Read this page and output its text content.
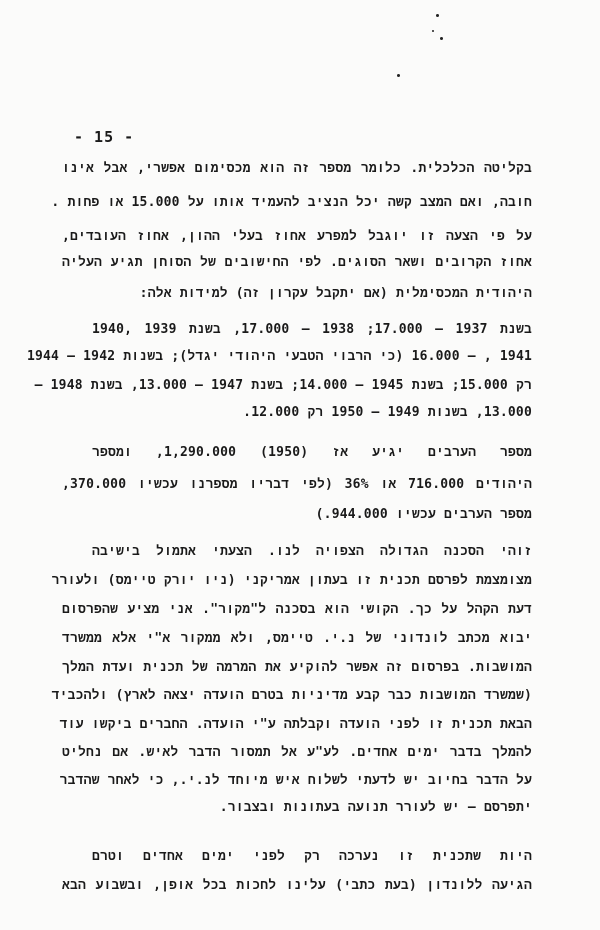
- 15 -
בקליטה הכלכלית. כלומר מספר זה הוא מכסימום אפשרי, אבל אינו
חובה, ואם המצב קשה יכל הנציב להעמיד אותו על 15.000 או פחות .
על פי הצעה זו יוגבל למפרע אחוז בעלי ההון, אחוז העובדים,
אחוז הקרובים ושאר הסוגים. לפי החישובים של הסוחן תגיע העליה
היהודית המכסימלית (אם יתקבל עקרון זה) למידות אלה:
בשנת 1937 – 17.000; 1938 – 17.000, בשנת 1939 ,1940
1941 , – 16.000 (כי הרבוי הטבעי היהודי יגדל); בשנות 1942 – 1944
רק 15.000; בשנת 1945 – 14.000; בשנת 1947 – 13.000, בשנת 1948 –
13.000, בשנות 1949 – 1950 רק 12.000.
מספר הערבים יגיע אז (1950) 1,290.000, ומספר
היהודים 716.000 או 36% (לפי דבריו מספרנו עכשיו 370.000,
מספר הערבים עכשיו 944.000.)
זוהי הסכנה הגדולה הצפויה לנו. הצעתי אתמול בישיבה
מצומצמת לפרסם תכנית זו בעתון אמריקני (ניו יורק טיימס) ולעורר
דעת הקהל על כך. הקושי הוא בסכנה ל"מקור". אני מציע שהפרסום
יבוא מכתב לונדוני של נ.י. טיימס, ולא ממקור א"י אלא ממשרד
המושבות. בפרסום זה אפשר להוקיע את המרמה של תכנית ועדת המלך
(שמשרד המושבות כבר קבע מדיניות בטרם הועדה יצאה לארץ) ולהכביד
הבאת תכנית זו לפני הועדה וקבלתה ע"י הועדה. החברים ביקשו עוד
להמלך בדבר ימים אחדים. לע"ע אל תמסור הדבר לאיש. אם נחליט
על הדבר בחיוב יש לדעתי לשלוח איש מיוחד לנ.י., כי לאחר שהדבר
יתפרסם – יש לעורר תנועה בעתונות ובצבור.
היות שתכנית זו נערכה רק לפני ימים אחדים וטרם
הגיעה ללונדון (בעת כתבי) עלינו לחכות בכל אופן, ובשבוע הבא
